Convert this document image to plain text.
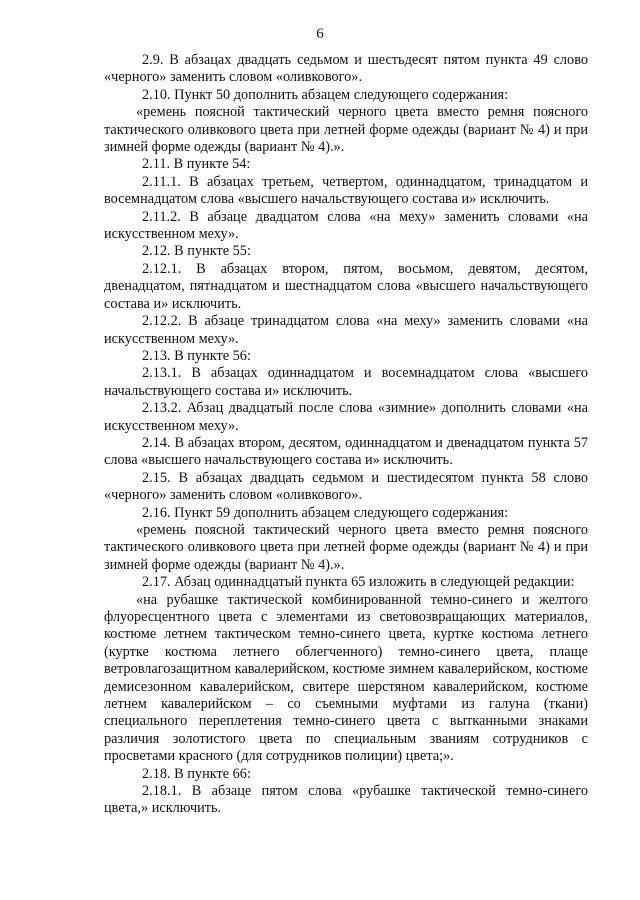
6

2.9. В абзацах двадцать седьмом и шестьдесят пятом пункта 49 слово «черного» заменить словом «оливкового».

2.10. Пункт 50 дополнить абзацем следующего содержания:

«ремень поясной тактический черного цвета вместо ремня поясного тактического оливкового цвета при летней форме одежды (вариант № 4) и при зимней форме одежды (вариант № 4).».

2.11. В пункте 54:

2.11.1. В абзацах третьем, четвертом, одиннадцатом, тринадцатом и восемнадцатом слова «высшего начальствующего состава и» исключить.

2.11.2. В абзаце двадцатом слова «на меху» заменить словами «на искусственном меху».

2.12. В пункте 55:

2.12.1. В абзацах втором, пятом, восьмом, девятом, десятом, двенадцатом, пятнадцатом и шестнадцатом слова «высшего начальствующего состава и» исключить.

2.12.2. В абзаце тринадцатом слова «на меху» заменить словами «на искусственном меху».

2.13. В пункте 56:

2.13.1. В абзацах одиннадцатом и восемнадцатом слова «высшего начальствующего состава и» исключить.

2.13.2. Абзац двадцатый после слова «зимние» дополнить словами «на искусственном меху».

2.14. В абзацах втором, десятом, одиннадцатом и двенадцатом пункта 57 слова «высшего начальствующего состава и» исключить.

2.15. В абзацах двадцать седьмом и шестидесятом пункта 58 слово «черного» заменить словом «оливкового».

2.16. Пункт 59 дополнить абзацем следующего содержания:

«ремень поясной тактический черного цвета вместо ремня поясного тактического оливкового цвета при летней форме одежды (вариант № 4) и при зимней форме одежды (вариант № 4).».

2.17. Абзац одиннадцатый пункта 65 изложить в следующей редакции:

«на рубашке тактической комбинированной темно-синего и желтого флуоресцентного цвета с элементами из световозвращающих материалов, костюме летнем тактическом темно-синего цвета, куртке костюма летнего (куртке костюма летнего облегченного) темно-синего цвета, плаще ветровлагозащитном кавалерийском, костюме зимнем кавалерийском, костюме демисезонном кавалерийском, свитере шерстяном кавалерийском, костюме летнем кавалерийском – со съемными муфтами из галуна (ткани) специального переплетения темно-синего цвета с вытканными знаками различия золотистого цвета по специальным званиям сотрудников с просветами красного (для сотрудников полиции) цвета;».

2.18. В пункте 66:

2.18.1. В абзаце пятом слова «рубашке тактической темно-синего цвета,» исключить.
